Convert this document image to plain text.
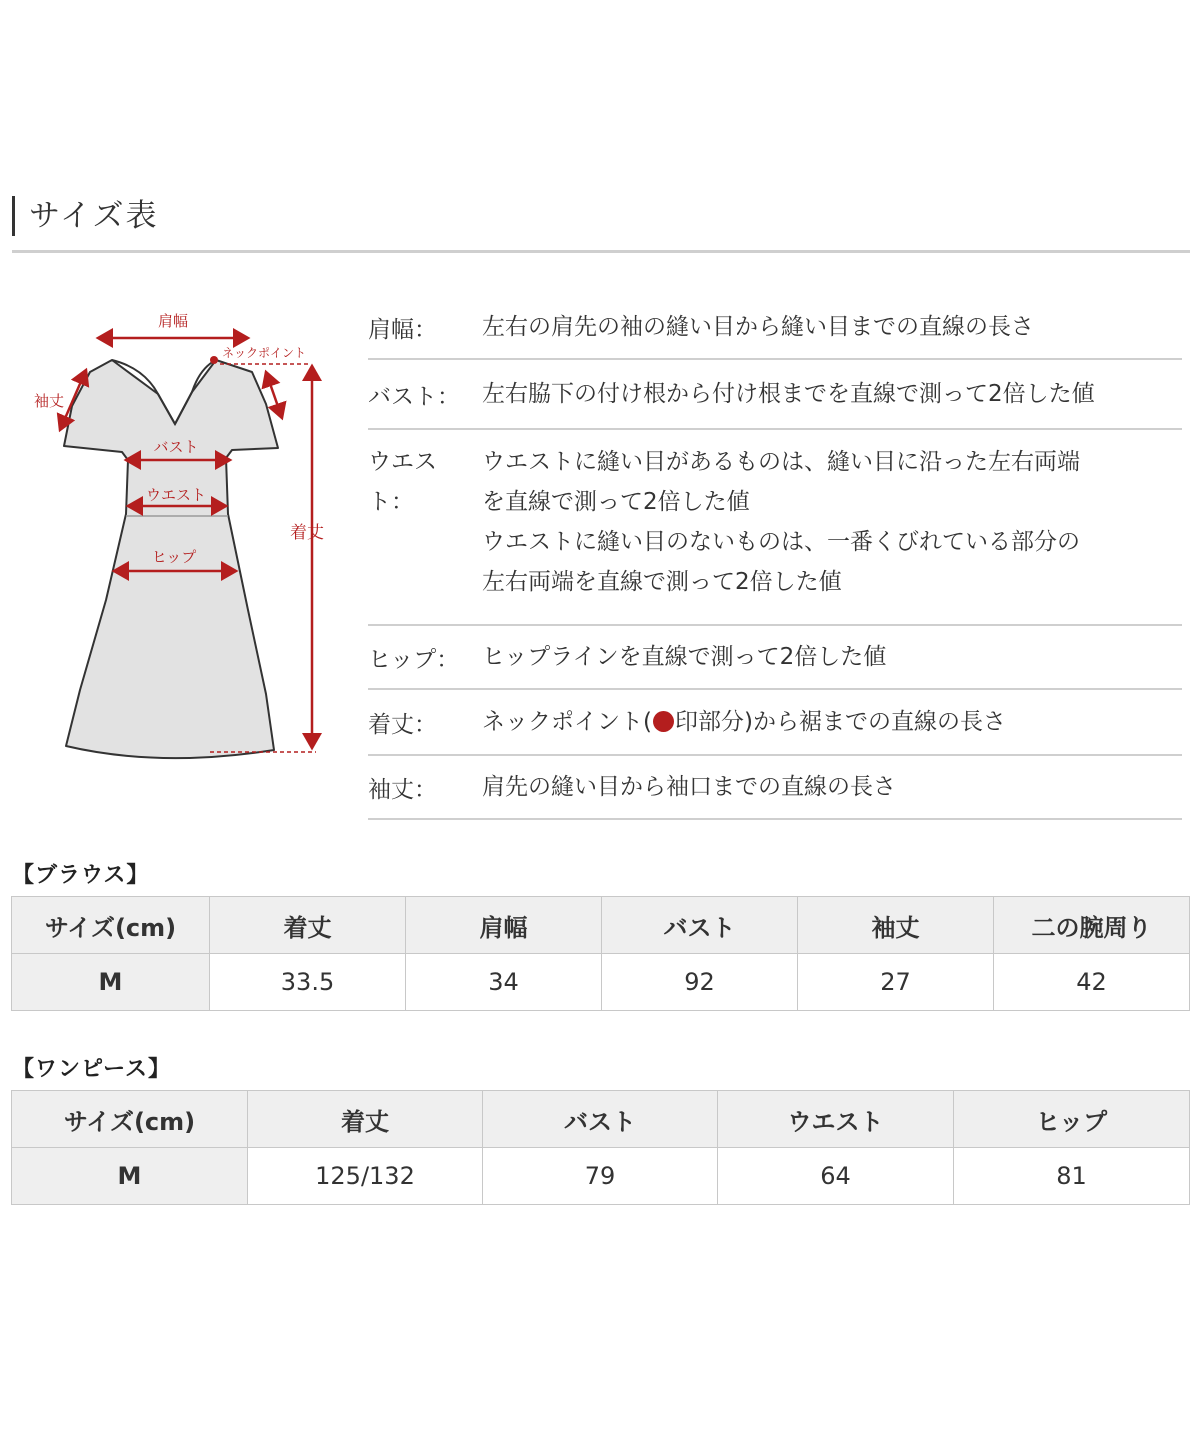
サイズ表
肩幅
ネックポイント
袖丈
バスト
ウエスト
ヒップ
着丈
肩幅：	左右の肩先の袖の縫い目から縫い目までの直線の長さ
バスト： 左右脇下の付け根から付け根までを直線で測って2倍した値
ウエスト：
ウエストに縫い目があるものは、縫い目に沿った左右両端
を直線で測って2倍した値
ウエストに縫い目のないものは、一番くびれている部分の
左右両端を直線で測って2倍した値
ヒップ： ヒップラインを直線で測って2倍した値
着丈：	ネックポイント( 印部分)から裾までの直線の長さ
袖丈：	肩先の縫い目から袖口までの直線の長さ
【ブラウス】
サイズ(cm)	着丈	肩幅	バスト	袖丈	二の腕周り
M	33.5	34	92	27	42
【ワンピース】
サイズ(cm)	着丈	バスト	ウエスト	ヒップ
M	125/132	79	64	81
